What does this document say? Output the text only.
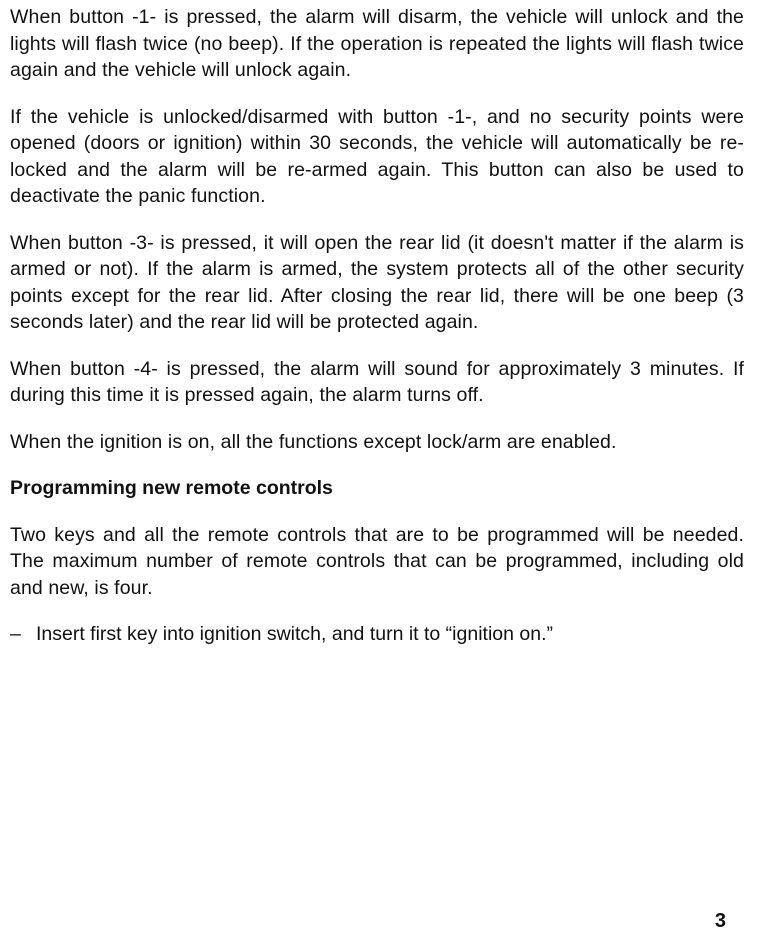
When button -1- is pressed, the alarm will disarm, the vehicle will unlock and the lights will flash twice (no beep). If the operation is repeated the lights will flash twice again and the vehicle will unlock again.

If the vehicle is unlocked/disarmed with button -1-, and no security points were opened (doors or ignition) within 30 seconds, the vehicle will automatically be re-locked and the alarm will be re-armed again. This button can also be used to deactivate the panic function.

When button -3- is pressed, it will open the rear lid (it doesn't matter if the alarm is armed or not). If the alarm is armed, the system protects all of the other security points except for the rear lid. After closing the rear lid, there will be one beep (3 seconds later) and the rear lid will be protected again.

When button -4- is pressed, the alarm will sound for approximately 3 minutes. If during this time it is pressed again, the alarm turns off.

When the ignition is on, all the functions except lock/arm are enabled.

Programming new remote controls

Two keys and all the remote controls that are to be programmed will be needed. The maximum number of remote controls that can be programmed, including old and new, is four.

– Insert first key into ignition switch, and turn it to “ignition on.”
3
